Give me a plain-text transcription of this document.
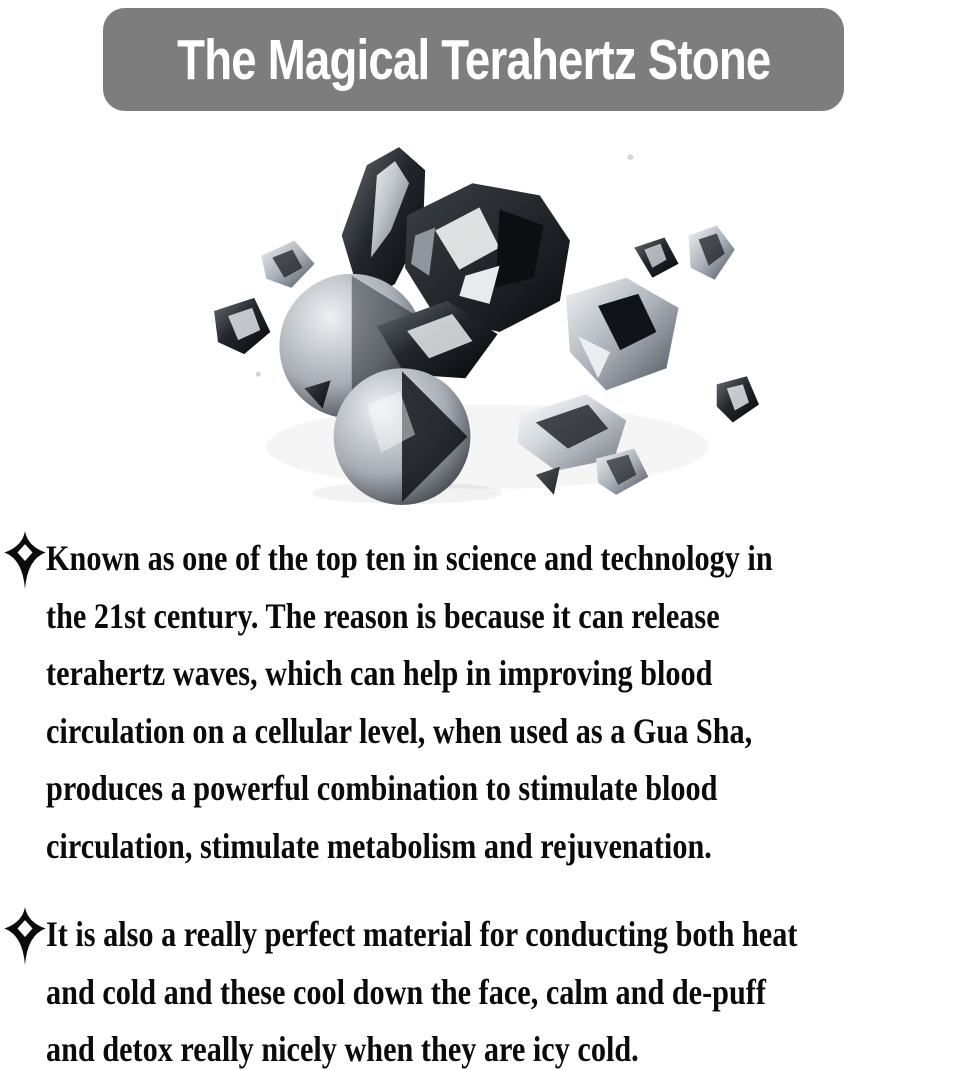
The Magical Terahertz Stone
Known as one of the top ten in science and technology in
the 21st century. The reason is because it can release
terahertz waves, which can help in improving blood
circulation on a cellular level, when used as a Gua Sha,
produces a powerful combination to stimulate blood
circulation, stimulate metabolism and rejuvenation.
It is also a really perfect material for conducting both heat
and cold and these cool down the face, calm and de-puff
and detox really nicely when they are icy cold.
